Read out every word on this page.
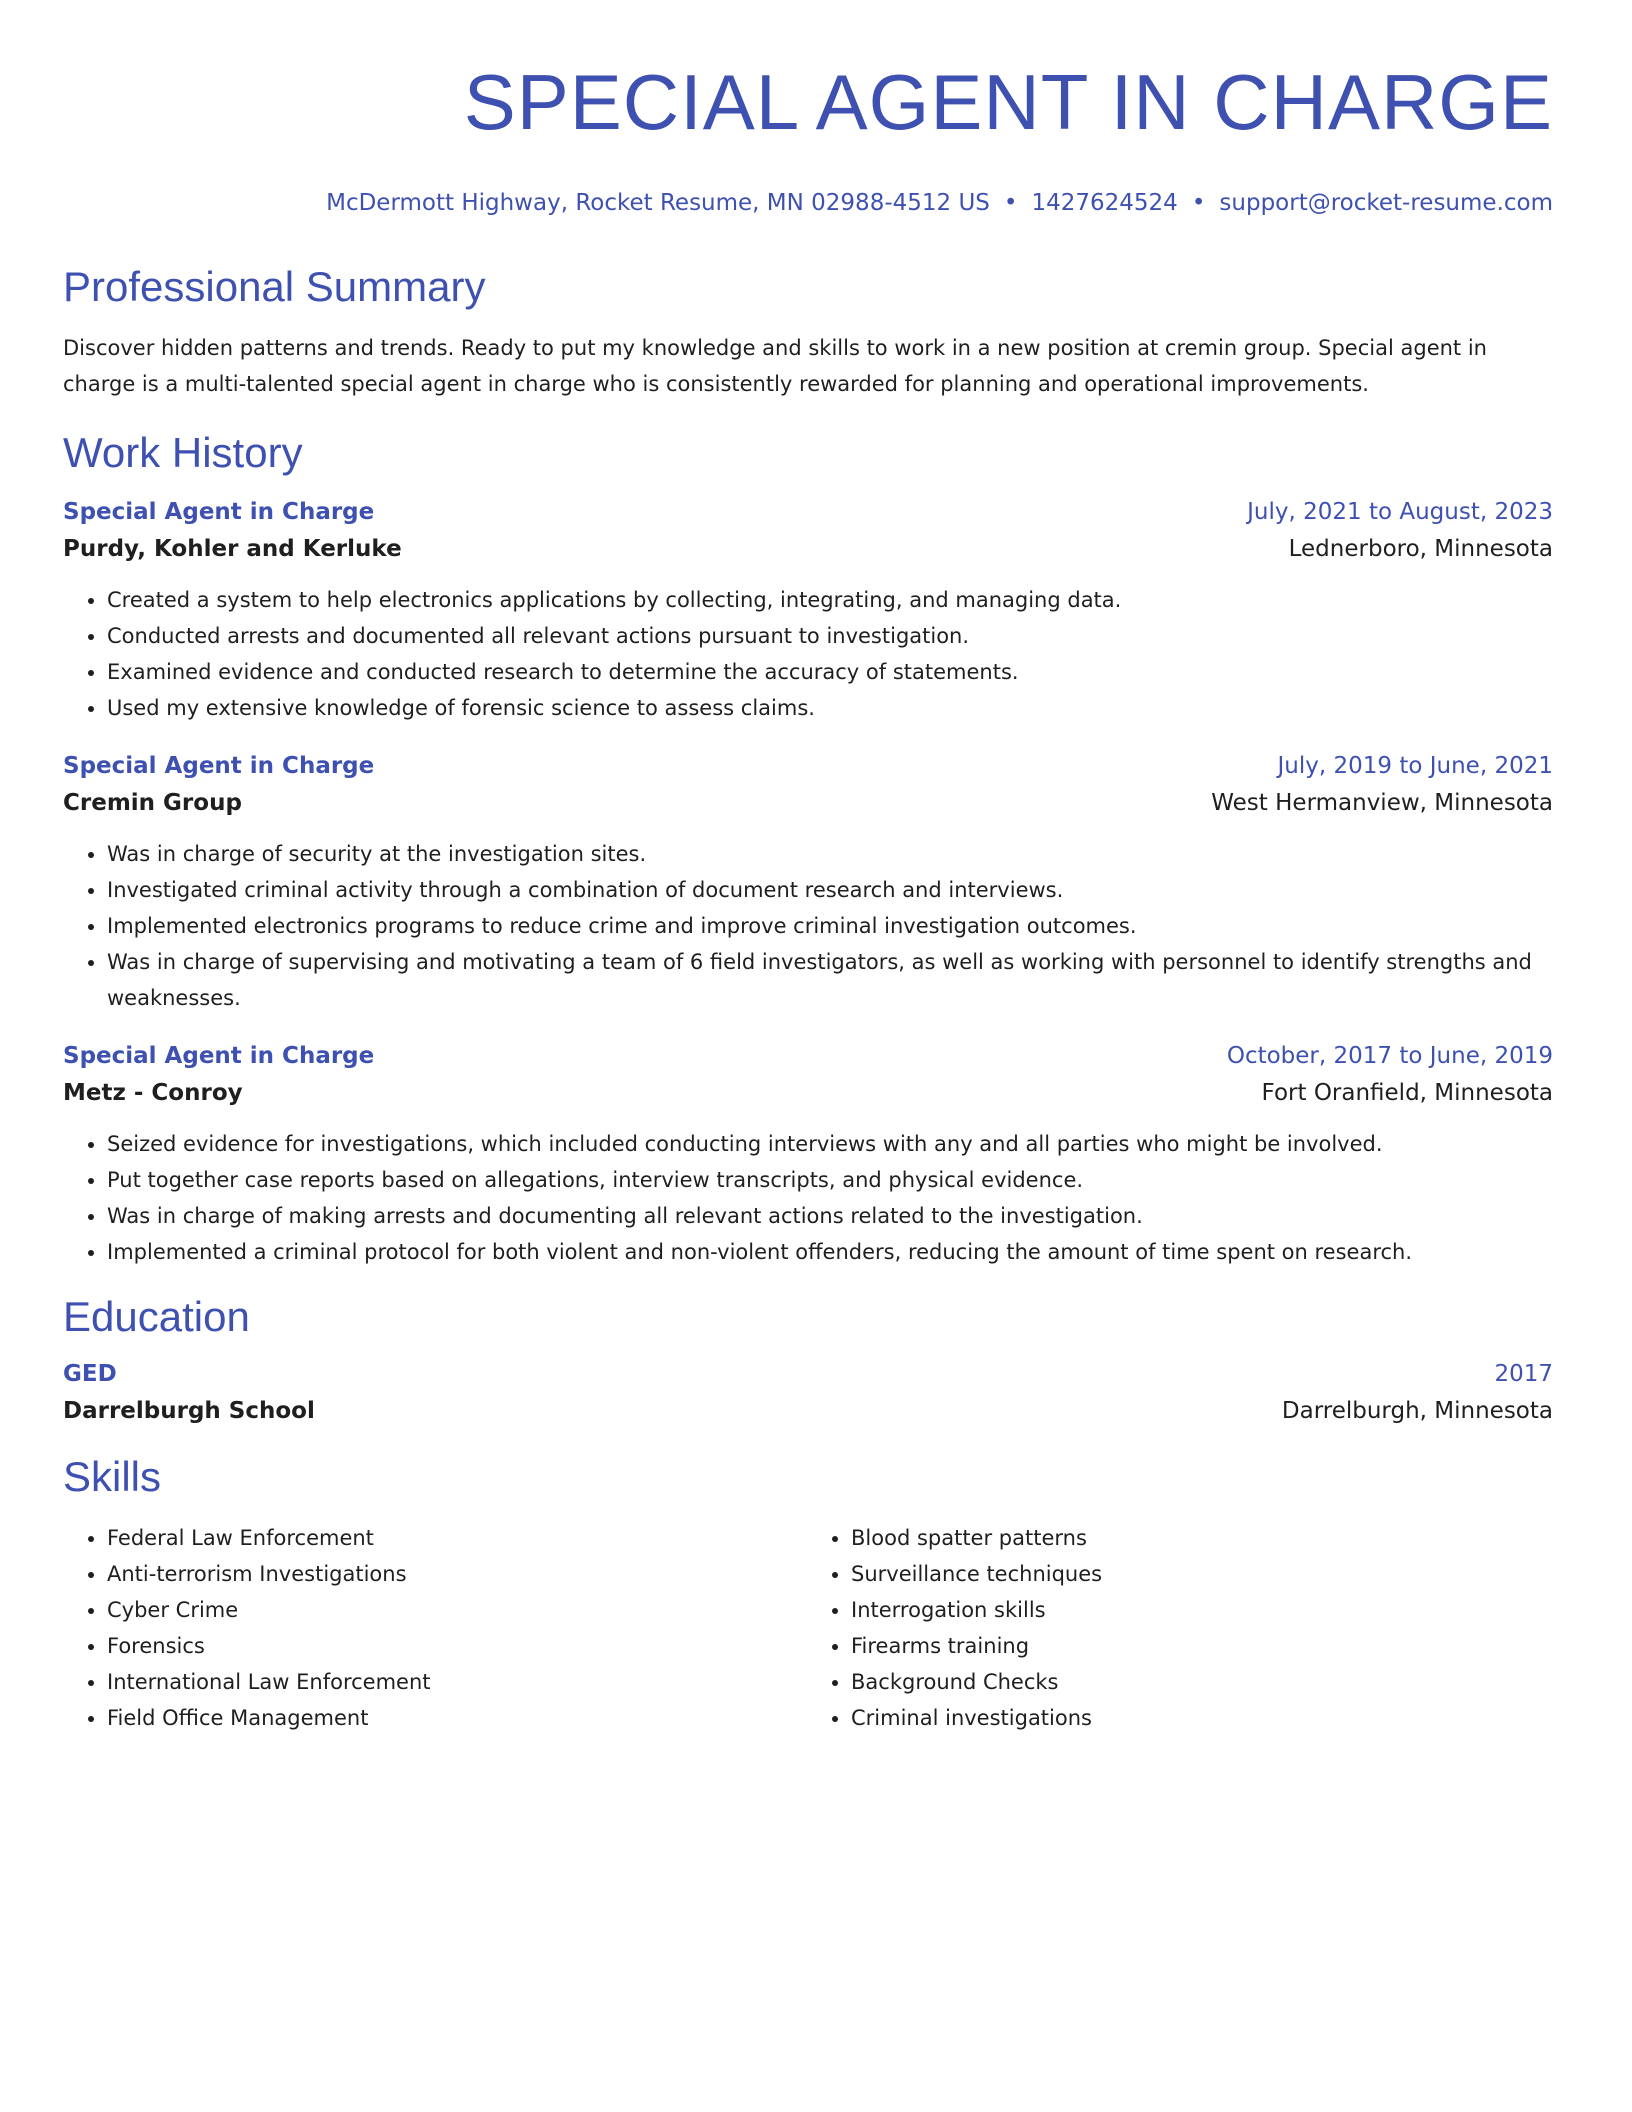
SPECIAL AGENT IN CHARGE
McDermott Highway, Rocket Resume, MN 02988-4512 US • 1427624524 • support@rocket-resume.com
Professional Summary
Discover hidden patterns and trends. Ready to put my knowledge and skills to work in a new position at cremin group. Special agent in charge is a multi-talented special agent in charge who is consistently rewarded for planning and operational improvements.
Work History
Special Agent in Charge	July, 2021 to August, 2023
Purdy, Kohler and Kerluke	Lednerboro, Minnesota
• Created a system to help electronics applications by collecting, integrating, and managing data.
• Conducted arrests and documented all relevant actions pursuant to investigation.
• Examined evidence and conducted research to determine the accuracy of statements.
• Used my extensive knowledge of forensic science to assess claims.
Special Agent in Charge	July, 2019 to June, 2021
Cremin Group	West Hermanview, Minnesota
• Was in charge of security at the investigation sites.
• Investigated criminal activity through a combination of document research and interviews.
• Implemented electronics programs to reduce crime and improve criminal investigation outcomes.
• Was in charge of supervising and motivating a team of 6 field investigators, as well as working with personnel to identify strengths and weaknesses.
Special Agent in Charge	October, 2017 to June, 2019
Metz - Conroy	Fort Oranfield, Minnesota
• Seized evidence for investigations, which included conducting interviews with any and all parties who might be involved.
• Put together case reports based on allegations, interview transcripts, and physical evidence.
• Was in charge of making arrests and documenting all relevant actions related to the investigation.
• Implemented a criminal protocol for both violent and non-violent offenders, reducing the amount of time spent on research.
Education
GED	2017
Darrelburgh School	Darrelburgh, Minnesota
Skills
• Federal Law Enforcement
• Anti-terrorism Investigations
• Cyber Crime
• Forensics
• International Law Enforcement
• Field Office Management
• Blood spatter patterns
• Surveillance techniques
• Interrogation skills
• Firearms training
• Background Checks
• Criminal investigations
